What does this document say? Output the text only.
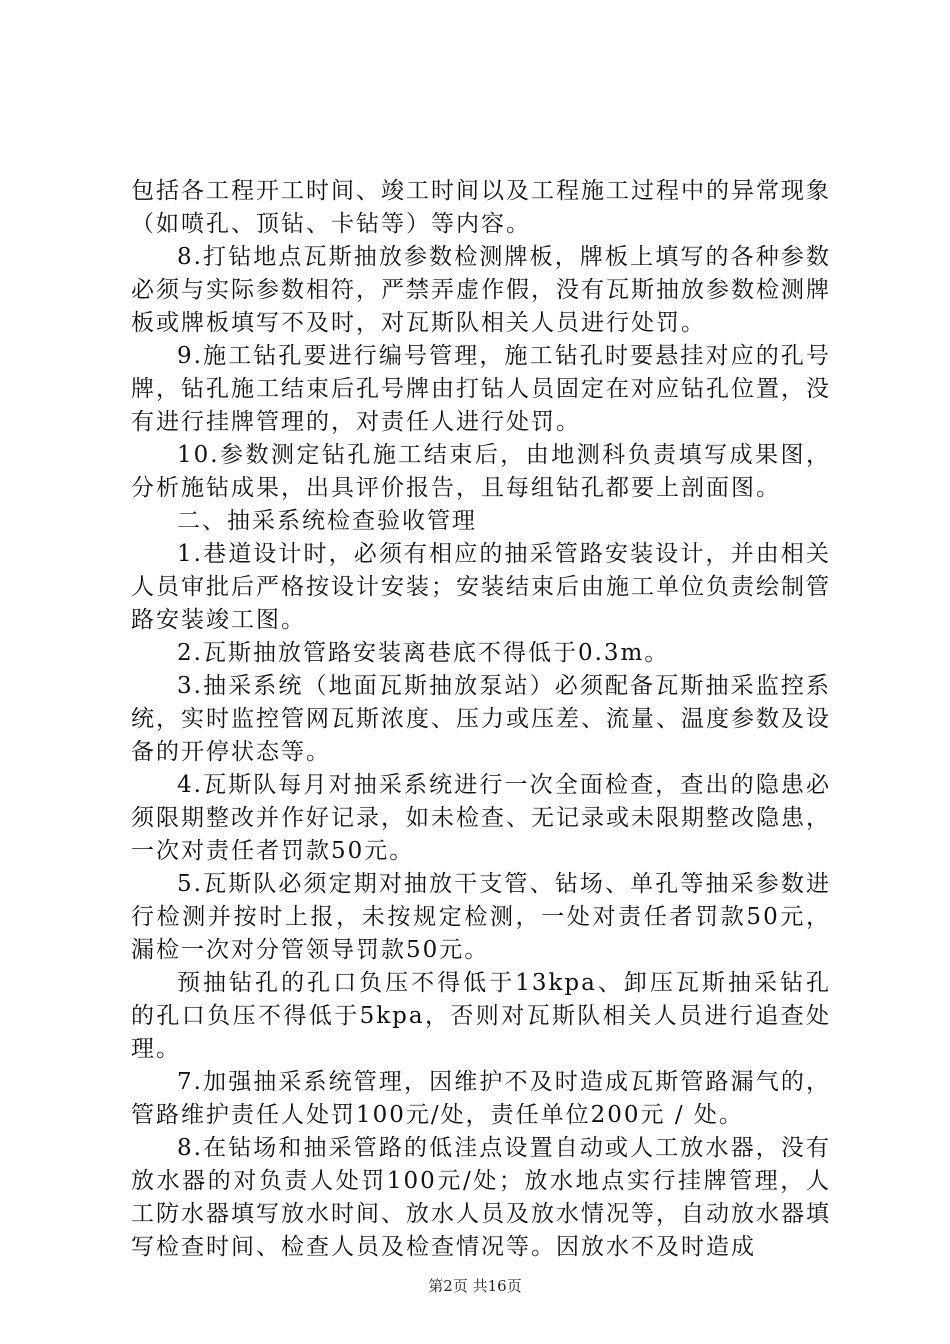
包括各工程开工时间、竣工时间以及工程施工过程中的异常现象（如喷孔、顶钻、卡钻等）等内容。

8.打钻地点瓦斯抽放参数检测牌板，牌板上填写的各种参数必须与实际参数相符，严禁弄虚作假，没有瓦斯抽放参数检测牌板或牌板填写不及时，对瓦斯队相关人员进行处罚。

9.施工钻孔要进行编号管理，施工钻孔时要悬挂对应的孔号牌，钻孔施工结束后孔号牌由打钻人员固定在对应钻孔位置，没有进行挂牌管理的，对责任人进行处罚。

10.参数测定钻孔施工结束后，由地测科负责填写成果图，分析施钻成果，出具评价报告，且每组钻孔都要上剖面图。

二、抽采系统检查验收管理

1.巷道设计时，必须有相应的抽采管路安装设计，并由相关人员审批后严格按设计安装；安装结束后由施工单位负责绘制管路安装竣工图。

2.瓦斯抽放管路安装离巷底不得低于0.3m。

3.抽采系统（地面瓦斯抽放泵站）必须配备瓦斯抽采监控系统，实时监控管网瓦斯浓度、压力或压差、流量、温度参数及设备的开停状态等。

4.瓦斯队每月对抽采系统进行一次全面检查，查出的隐患必须限期整改并作好记录，如未检查、无记录或未限期整改隐患，一次对责任者罚款50元。

5.瓦斯队必须定期对抽放干支管、钻场、单孔等抽采参数进行检测并按时上报，未按规定检测，一处对责任者罚款50元，漏检一次对分管领导罚款50元。

预抽钻孔的孔口负压不得低于13kpa、卸压瓦斯抽采钻孔的孔口负压不得低于5kpa，否则对瓦斯队相关人员进行追查处理。

7.加强抽采系统管理，因维护不及时造成瓦斯管路漏气的，管路维护责任人处罚100元/处，责任单位200元 / 处。

8.在钻场和抽采管路的低洼点设置自动或人工放水器，没有放水器的对负责人处罚100元/处；放水地点实行挂牌管理，人工防水器填写放水时间、放水人员及放水情况等，自动放水器填写检查时间、检查人员及检查情况等。因放水不及时造成

第2页 共16页
